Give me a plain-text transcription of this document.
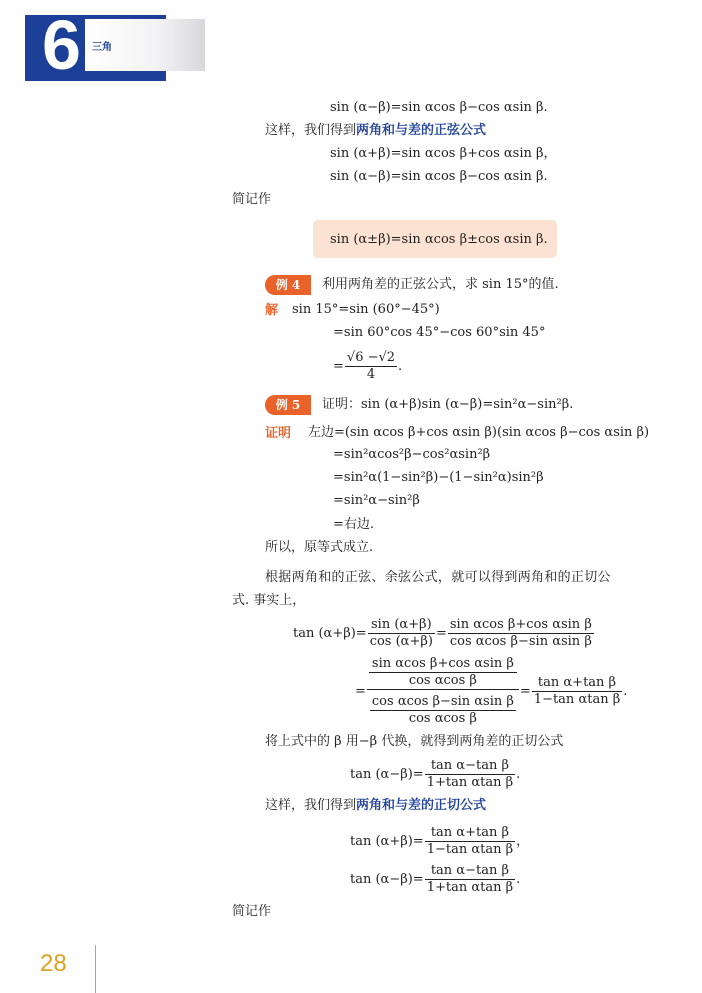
6 三角
sin (α−β)=sin αcos β−cos αsin β.
这样，我们得到两角和与差的正弦公式
sin (α+β)=sin αcos β+cos αsin β，
sin (α−β)=sin αcos β−cos αsin β.
简记作
sin (α±β)=sin αcos β±cos αsin β.
例 4	利用两角差的正弦公式，求 sin 15°的值.
解 sin 15°=sin (60°−45°)
=sin 60°cos 45°−cos 60°sin 45°
= $\frac{√6 -√2}{4}$ .
例 5	证明：sin (α+β)sin (α−β)=sin²α−sin²β.
证明 左边=(sin αcos β+cos αsin β)(sin αcos β−cos αsin β)
=sin²αcos²β−cos²αsin²β
=sin²α(1−sin²β)−(1−sin²α)sin²β
=sin²α−sin²β
=右边.
所以，原等式成立.
根据两角和的正弦、余弦公式，就可以得到两角和的正切公
式. 事实上，
$\tan (\alpha+\beta)= \frac{\sin (\alpha+\beta)}{\cos (\alpha+\beta)} = \frac{\text{sin αcos β+cos αsin β}}{\text{cos αcos β−sin αsin β}}$
= $\frac{\frac{\text{sin αcos β+cos αsin β}}{\text{cos αcos β}}}{\frac{\text{cos αcos β−sin αsin β}}{\text{cos αcos β}}} = \frac{\text{tan α+tan β}}{\text{1−tan αtan β}}$ .
将上式中的 β 用−β 代换，就得到两角差的正切公式
$\tan (\alpha-\beta)= \frac{\text{tan α−tan β}}{\text{1+tan αtan β}}$ .
这样，我们得到两角和与差的正切公式
$\tan (\alpha+\beta)= \frac{\text{tan α+tan β}}{\text{1−tan αtan β}}$ ，
$\tan (\alpha-\beta)= \frac{\text{tan α−tan β}}{\text{1+tan αtan β}}$ .
简记作
28
